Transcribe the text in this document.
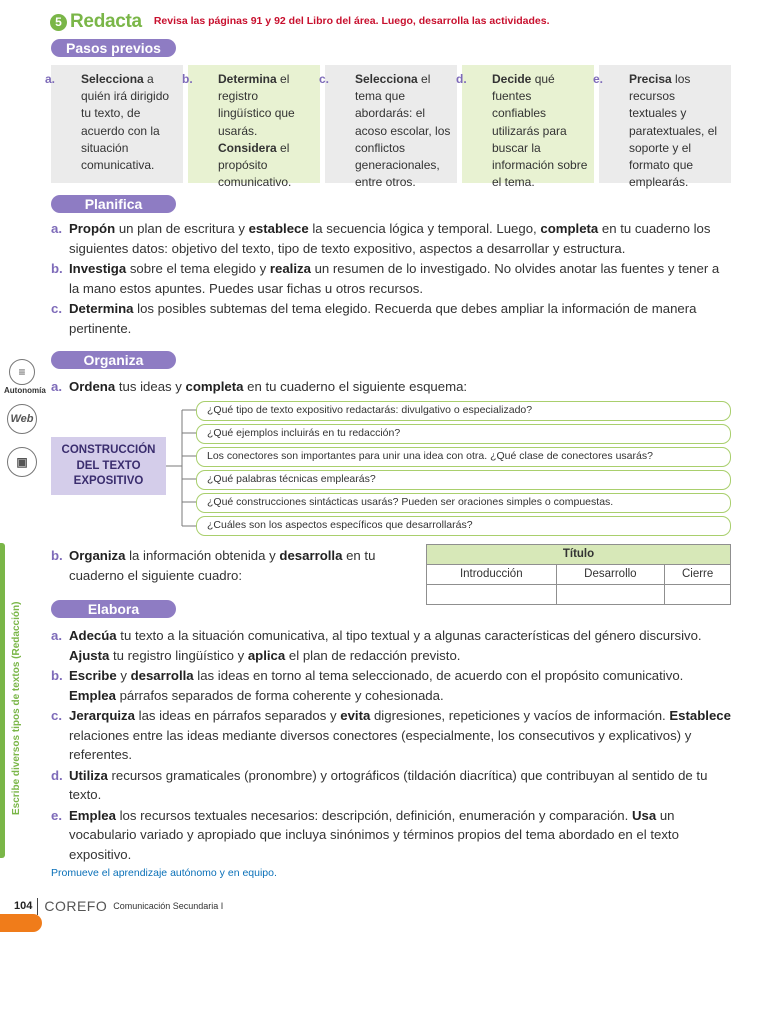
5 Redacta Revisa las páginas 91 y 92 del Libro del área. Luego, desarrolla las actividades.
Pasos previos

a. Selecciona a quién irá dirigido tu texto, de acuerdo con la situación comunicativa.

b. Determina el registro lingüístico que usarás. Considera el propósito comunicativo.

c. Selecciona el tema que abordarás: el acoso escolar, los conflictos generacionales, entre otros.

d. Decide qué fuentes confiables utilizarás para buscar la información sobre el tema.

e. Precisa los recursos textuales y paratextuales, el soporte y el formato que emplearás.

Planifica
a. Propón un plan de escritura y establece la secuencia lógica y temporal. Luego, completa en tu cuaderno los siguientes datos: objetivo del texto, tipo de texto expositivo, aspectos a desarrollar y estructura.
b. Investiga sobre el tema elegido y realiza un resumen de lo investigado. No olvides anotar las fuentes y tener a la mano estos apuntes. Puedes usar fichas u otros recursos.
c. Determina los posibles subtemas del tema elegido. Recuerda que debes ampliar la información de manera pertinente.
Organiza
a. Ordena tus ideas y completa en tu cuaderno el siguiente esquema:
≡
Autonomía
Web
▣
CONSTRUCCIÓN DEL TEXTO EXPOSITIVO
¿Qué tipo de texto expositivo redactarás: divulgativo o especializado?
¿Qué ejemplos incluirás en tu redacción?
Los conectores son importantes para unir una idea con otra. ¿Qué clase de conectores usarás?
¿Qué palabras técnicas emplearás?
¿Qué construcciones sintácticas usarás? Pueden ser oraciones simples o compuestas.
¿Cuáles son los aspectos específicos que desarrollarás?
b. Organiza la información obtenida y desarrolla en tu cuaderno el siguiente cuadro:
Título		
Introducción	Desarrollo	Cierre

Elabora
a. Adecúa tu texto a la situación comunicativa, al tipo textual y a algunas características del género discursivo. Ajusta tu registro lingüístico y aplica el plan de redacción previsto.
b. Escribe y desarrolla las ideas en torno al tema seleccionado, de acuerdo con el propósito comunicativo. Emplea párrafos separados de forma coherente y cohesionada.
c. Jerarquiza las ideas en párrafos separados y evita digresiones, repeticiones y vacíos de información. Establece relaciones entre las ideas mediante diversos conectores (especialmente, los consecutivos y explicativos) y referentes.
d. Utiliza recursos gramaticales (pronombre) y ortográficos (tildación diacrítica) que contribuyan al sentido de tu texto.
e. Emplea los recursos textuales necesarios: descripción, definición, enumeración y comparación. Usa un vocabulario variado y apropiado que incluya sinónimos y términos propios del tema abordado en el texto expositivo.
Escribe diversos tipos de textos (Redacción)
Promueve el aprendizaje autónomo y en equipo.
104 COREFO Comunicación Secundaria I
